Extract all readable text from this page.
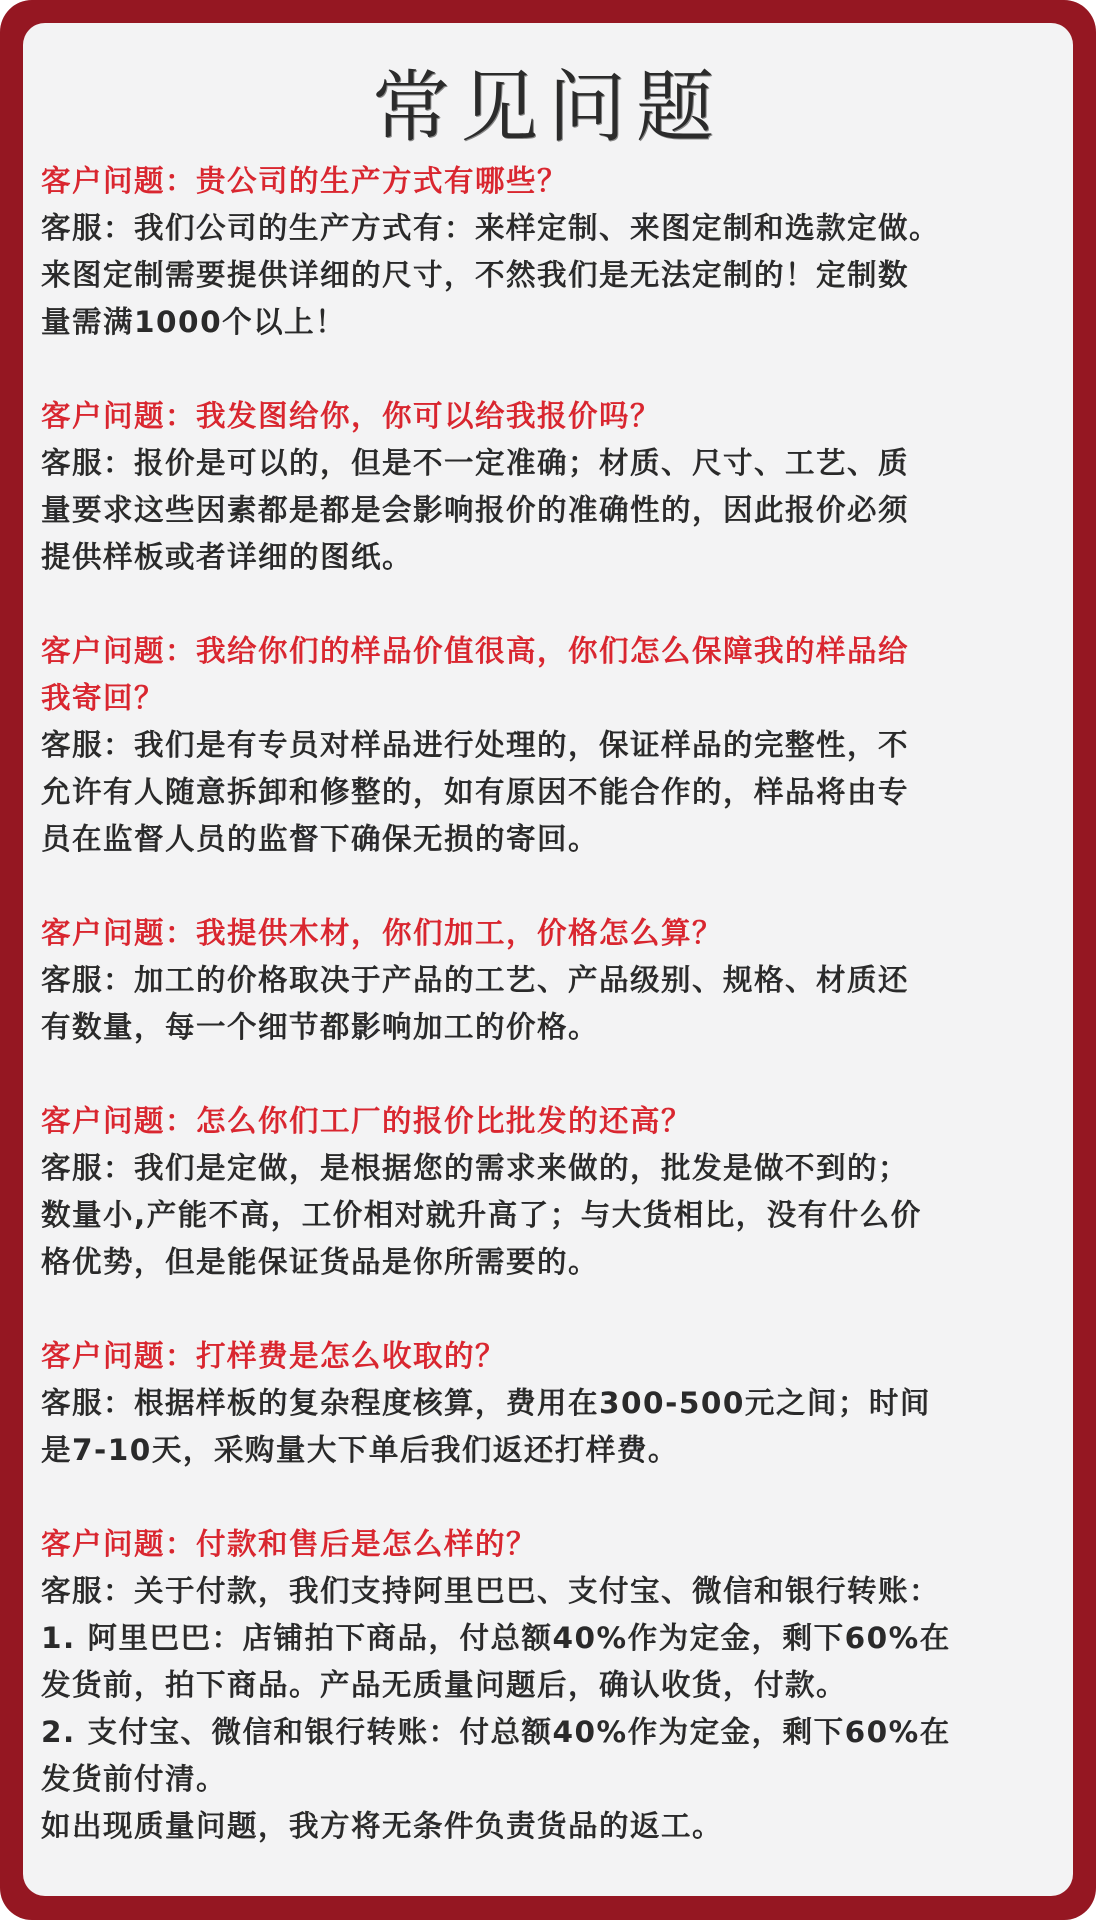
常见问题
客户问题：贵公司的生产方式有哪些？
客服：我们公司的生产方式有：来样定制、来图定制和选款定做。
来图定制需要提供详细的尺寸，不然我们是无法定制的！定制数
量需满1000个以上！
客户问题：我发图给你，你可以给我报价吗？
客服：报价是可以的，但是不一定准确；材质、尺寸、工艺、质
量要求这些因素都是都是会影响报价的准确性的，因此报价必须
提供样板或者详细的图纸。
客户问题：我给你们的样品价值很高，你们怎么保障我的样品给
我寄回？
客服：我们是有专员对样品进行处理的，保证样品的完整性，不
允许有人随意拆卸和修整的，如有原因不能合作的，样品将由专
员在监督人员的监督下确保无损的寄回。
客户问题：我提供木材，你们加工，价格怎么算？
客服：加工的价格取决于产品的工艺、产品级别、规格、材质还
有数量，每一个细节都影响加工的价格。
客户问题：怎么你们工厂的报价比批发的还高？
客服：我们是定做，是根据您的需求来做的，批发是做不到的；
数量小,产能不高，工价相对就升高了；与大货相比，没有什么价
格优势，但是能保证货品是你所需要的。
客户问题：打样费是怎么收取的？
客服：根据样板的复杂程度核算，费用在300-500元之间；时间
是7-10天，采购量大下单后我们返还打样费。
客户问题：付款和售后是怎么样的？
客服：关于付款，我们支持阿里巴巴、支付宝、微信和银行转账：
1. 阿里巴巴：店铺拍下商品，付总额40%作为定金，剩下60%在
发货前，拍下商品。产品无质量问题后，确认收货，付款。
2. 支付宝、微信和银行转账：付总额40%作为定金，剩下60%在
发货前付清。
如出现质量问题，我方将无条件负责货品的返工。
